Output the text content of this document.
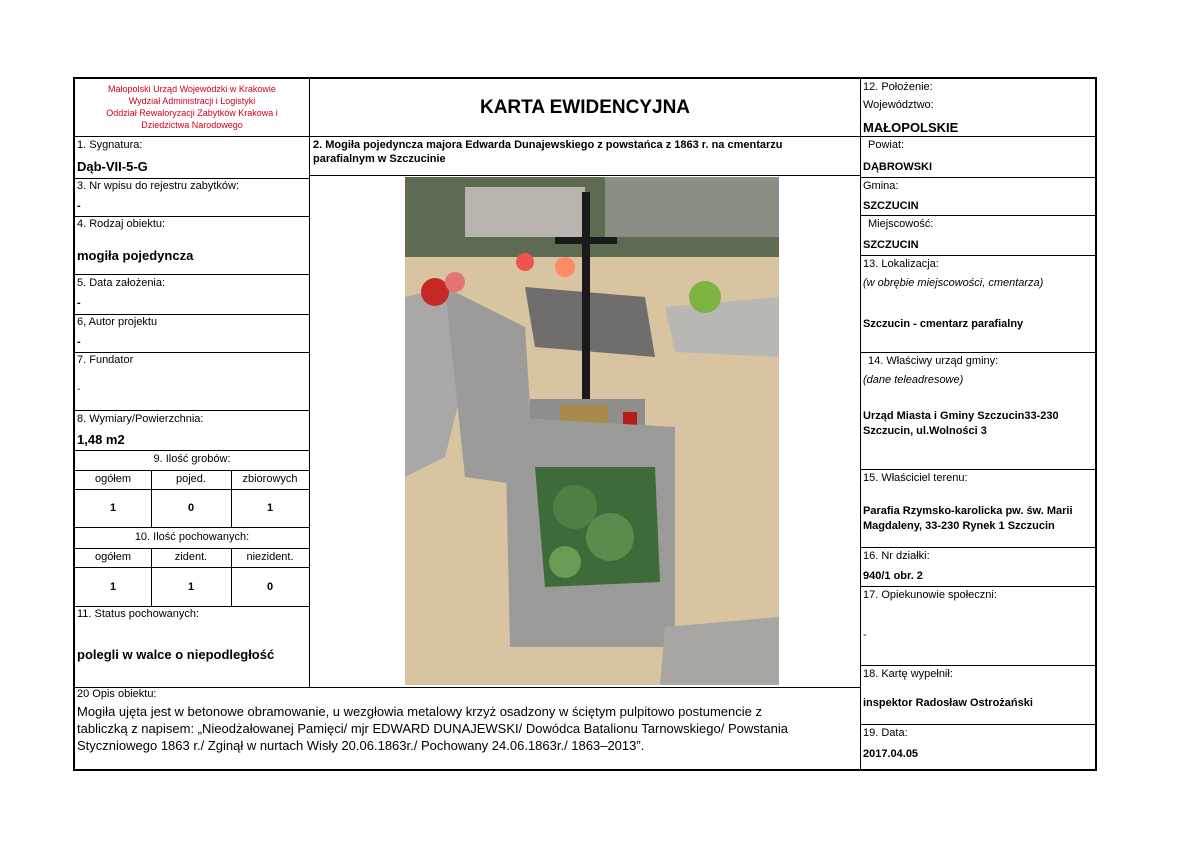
Małopolski Urząd Wojewódzki w Krakowie
Wydział Administracji i Logistyki
Oddział Rewaloryzacji Zabytków Krakowa i
Dziedzictwa Narodowego
1. Sygnatura:
Dąb-VII-5-G
3. Nr wpisu do rejestru zabytków:
-
4. Rodzaj obiektu:
mogiła pojedyncza
5. Data założenia:
-
6, Autor projektu
-
7. Fundator
-
8. Wymiary/Powierzchnia:
1,48 m2
9. Ilość grobów:
ogółem	pojed.	zbiorowych
1	0	1
10. Ilość pochowanych:
ogółem	zident.	niezident.
1	1	0
11. Status pochowanych:
polegli w walce o niepodległość
KARTA EWIDENCYJNA
2. Mogiła pojedyncza majora Edwarda Dunajewskiego z powstańca z 1863 r. na cmentarzu
parafialnym w Szczucinie
12. Położenie:
Województwo:
MAŁOPOLSKIE
Powiat:
DĄBROWSKI
Gmina:
SZCZUCIN
Miejscowość:
SZCZUCIN
13. Lokalizacja:
(w obrębie miejscowości, cmentarza)
Szczucin - cmentarz parafialny
14. Właściwy urząd gminy:
(dane teleadresowe)
Urząd Miasta i Gminy Szczucin33-230
Szczucin, ul.Wolności 3
15. Właściciel terenu:
Parafia Rzymsko-karolicka pw. św. Marii
Magdaleny, 33-230 Rynek 1 Szczucin
16. Nr działki:
940/1 obr. 2
17. Opiekunowie społeczni:
-
18. Kartę wypełnił:
inspektor Radosław Ostrożański
19. Data:
2017.04.05
20 Opis obiektu:
Mogiła ujęta jest w betonowe obramowanie, u wezgłowia metalowy krzyż osadzony w ściętym pulpitowo postumencie z
tabliczką z napisem: „Nieodżałowanej Pamięci/ mjr EDWARD DUNAJEWSKI/ Dowódca Batalionu Tarnowskiego/ Powstania
Styczniowego 1863 r./ Zginął w nurtach Wisły 20.06.1863r./ Pochowany 24.06.1863r./ 1863–2013”.
